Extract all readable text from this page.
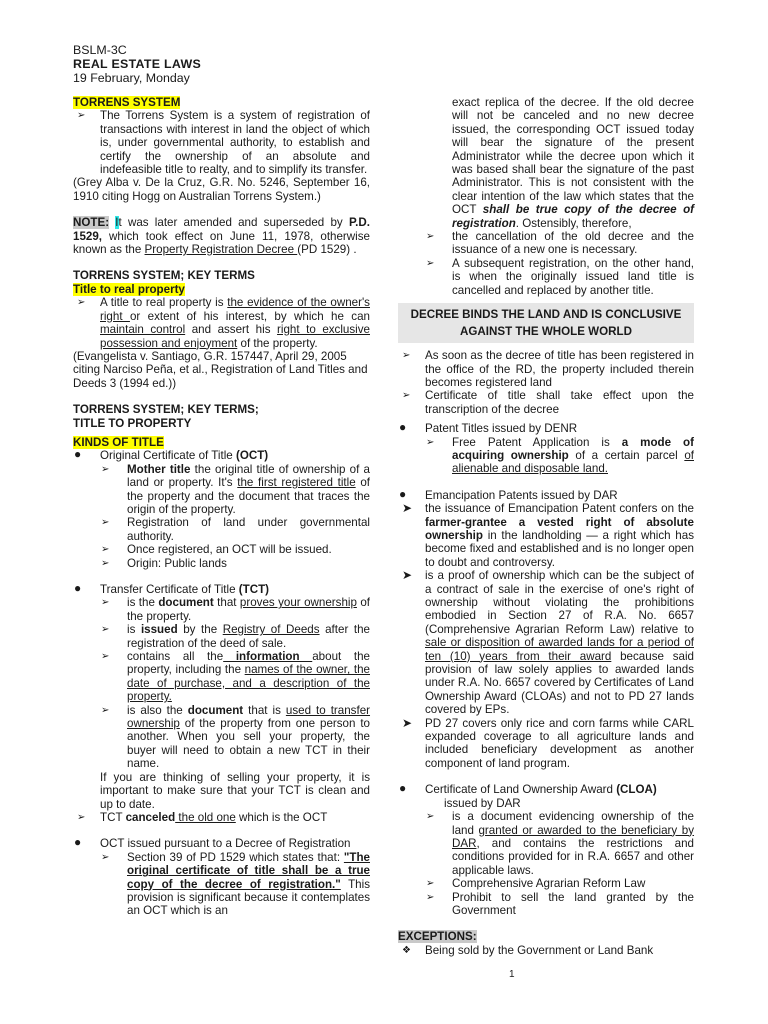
BSLM-3C
REAL ESTATE LAWS
19 February, Monday
TORRENS SYSTEM
➢ The Torrens System is a system of registration of transactions with interest in land the object of which is, under governmental authority, to establish and certify the ownership of an absolute and indefeasible title to realty, and to simplify its transfer.
(Grey Alba v. De la Cruz, G.R. No. 5246, September 16, 1910 citing Hogg on Australian Torrens System.)
NOTE: It was later amended and superseded by P.D. 1529, which took effect on June 11, 1978, otherwise known as the Property Registration Decree (PD 1529) .
TORRENS SYSTEM; KEY TERMS
Title to real property
➢ A title to real property is the evidence of the owner's right or extent of his interest, by which he can maintain control and assert his right to exclusive possession and enjoyment of the property.
(Evangelista v. Santiago, G.R. 157447, April 29, 2005 citing Narciso Peña, et al., Registration of Land Titles and Deeds 3 (1994 ed.))
TORRENS SYSTEM; KEY TERMS;
TITLE TO PROPERTY
KINDS OF TITLE
● Original Certificate of Title (OCT)
➢ Mother title the original title of ownership of a land or property. It's the first registered title of the property and the document that traces the origin of the property.
➢ Registration of land under governmental authority.
➢ Once registered, an OCT will be issued.
➢ Origin: Public lands
● Transfer Certificate of Title (TCT)
➢ is the document that proves your ownership of the property.
➢ is issued by the Registry of Deeds after the registration of the deed of sale.
➢ contains all the information about the property, including the names of the owner, the date of purchase, and a description of the property.
➢ is also the document that is used to transfer ownership of the property from one person to another. When you sell your property, the buyer will need to obtain a new TCT in their name.
If you are thinking of selling your property, it is important to make sure that your TCT is clean and up to date.
➢ TCT canceled the old one which is the OCT
● OCT issued pursuant to a Decree of Registration
➢ Section 39 of PD 1529 which states that: "The original certificate of title shall be a true copy of the decree of registration." This provision is significant because it contemplates an OCT which is an
exact replica of the decree. If the old decree will not be canceled and no new decree issued, the corresponding OCT issued today will bear the signature of the present Administrator while the decree upon which it was based shall bear the signature of the past Administrator. This is not consistent with the clear intention of the law which states that the OCT shall be true copy of the decree of registration. Ostensibly, therefore,
➢ the cancellation of the old decree and the issuance of a new one is necessary.
➢ A subsequent registration, on the other hand, is when the originally issued land title is cancelled and replaced by another title.
DECREE BINDS THE LAND AND IS CONCLUSIVE AGAINST THE WHOLE WORLD
➢ As soon as the decree of title has been registered in the office of the RD, the property included therein becomes registered land
➢ Certificate of title shall take effect upon the transcription of the decree
● Patent Titles issued by DENR
➢ Free Patent Application is a mode of acquiring ownership of a certain parcel of alienable and disposable land.
● Emancipation Patents issued by DAR
➤ the issuance of Emancipation Patent confers on the farmer-grantee a vested right of absolute ownership in the landholding — a right which has become fixed and established and is no longer open to doubt and controversy.
➤ is a proof of ownership which can be the subject of a contract of sale in the exercise of one's right of ownership without violating the prohibitions embodied in Section 27 of R.A. No. 6657 (Comprehensive Agrarian Reform Law) relative to sale or disposition of awarded lands for a period of ten (10) years from their award because said provision of law solely applies to awarded lands under R.A. No. 6657 covered by Certificates of Land Ownership Award (CLOAs) and not to PD 27 lands covered by EPs.
➤ PD 27 covers only rice and corn farms while CARL expanded coverage to all agriculture lands and included beneficiary development as another component of land program.
● Certificate of Land Ownership Award (CLOA)
issued by DAR
➢ is a document evidencing ownership of the land granted or awarded to the beneficiary by DAR, and contains the restrictions and conditions provided for in R.A. 6657 and other applicable laws.
➢ Comprehensive Agrarian Reform Law
➢ Prohibit to sell the land granted by the Government
EXCEPTIONS:
❖ Being sold by the Government or Land Bank
1
